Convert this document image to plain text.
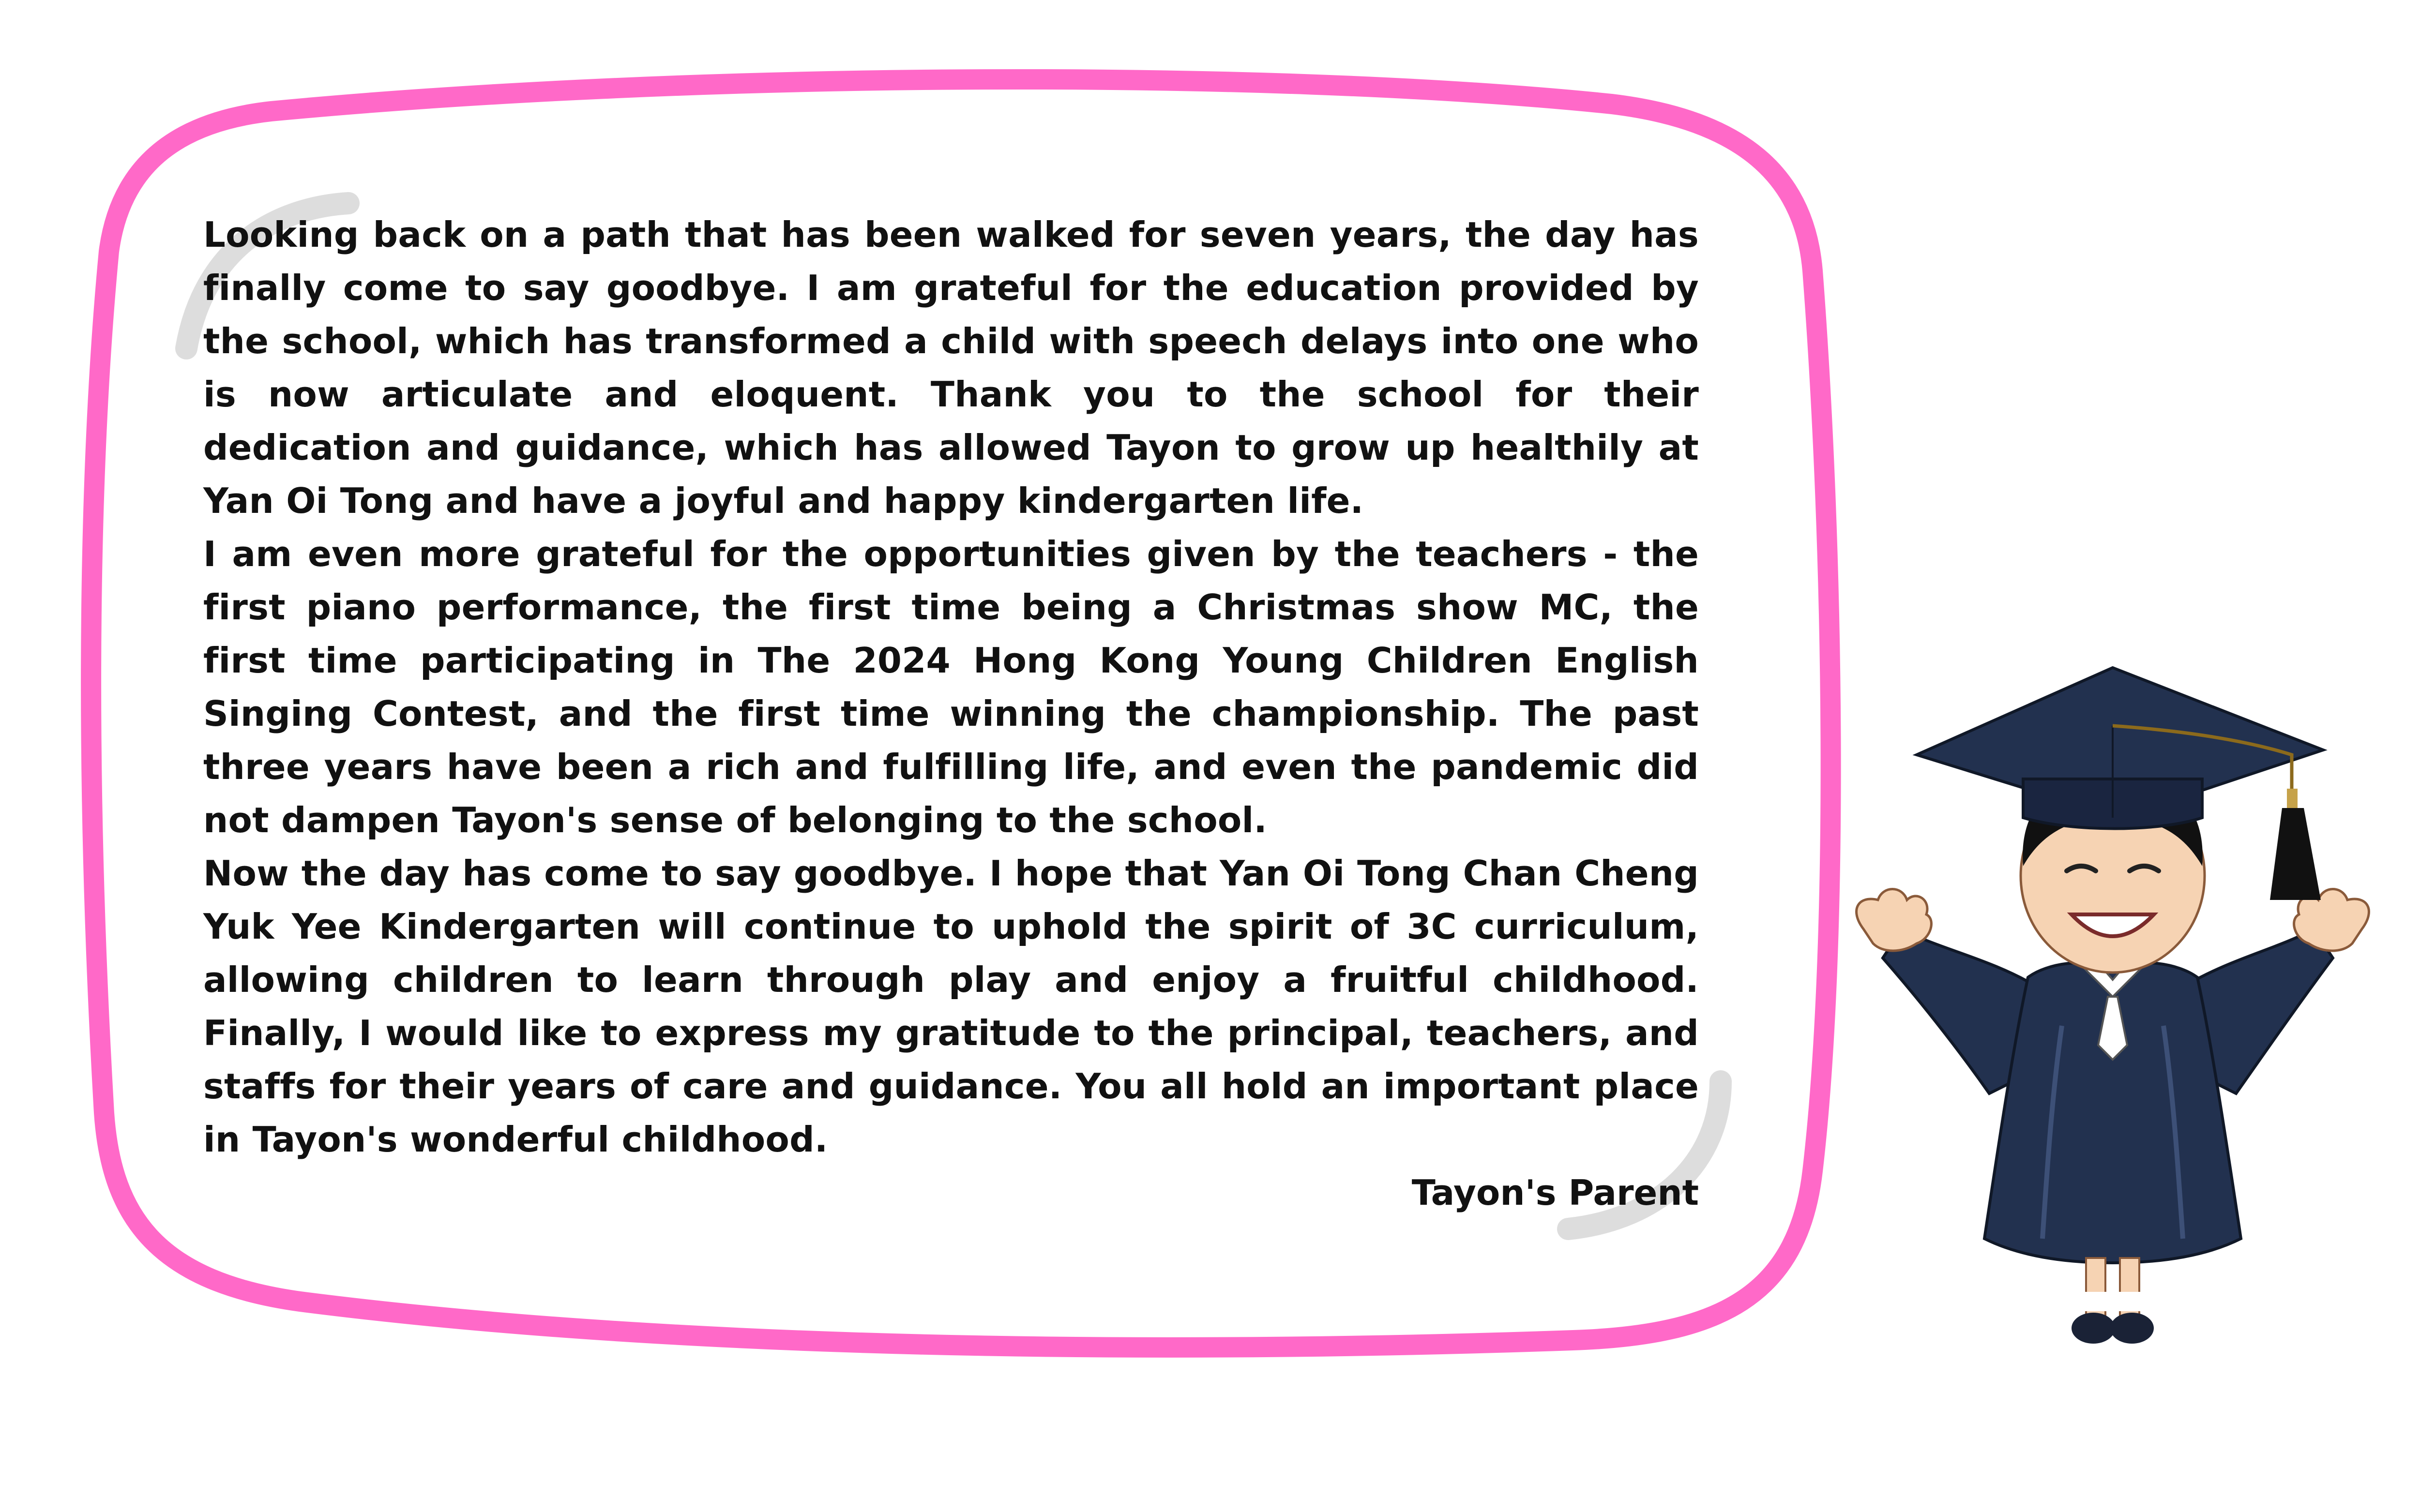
Looking back on a path that has been walked for seven years, the day has finally come to say goodbye. I am grateful for the education provided by the school, which has transformed a child with speech delays into one who is now articulate and eloquent. Thank you to the school for their dedication and guidance, which has allowed Tayon to grow up healthily at Yan Oi Tong and have a joyful and happy kindergarten life.

I am even more grateful for the opportunities given by the teachers - the first piano performance, the first time being a Christmas show MC, the first time participating in The 2024 Hong Kong Young Children English Singing Contest, and the first time winning the championship. The past three years have been a rich and fulfilling life, and even the pandemic did not dampen Tayon's sense of belonging to the school.

Now the day has come to say goodbye. I hope that Yan Oi Tong Chan Cheng Yuk Yee Kindergarten will continue to uphold the spirit of 3C curriculum, allowing children to learn through play and enjoy a fruitful childhood. Finally, I would like to express my gratitude to the principal, teachers, and staffs for their years of care and guidance. You all hold an important place in Tayon's wonderful childhood.

Tayon's Parent
